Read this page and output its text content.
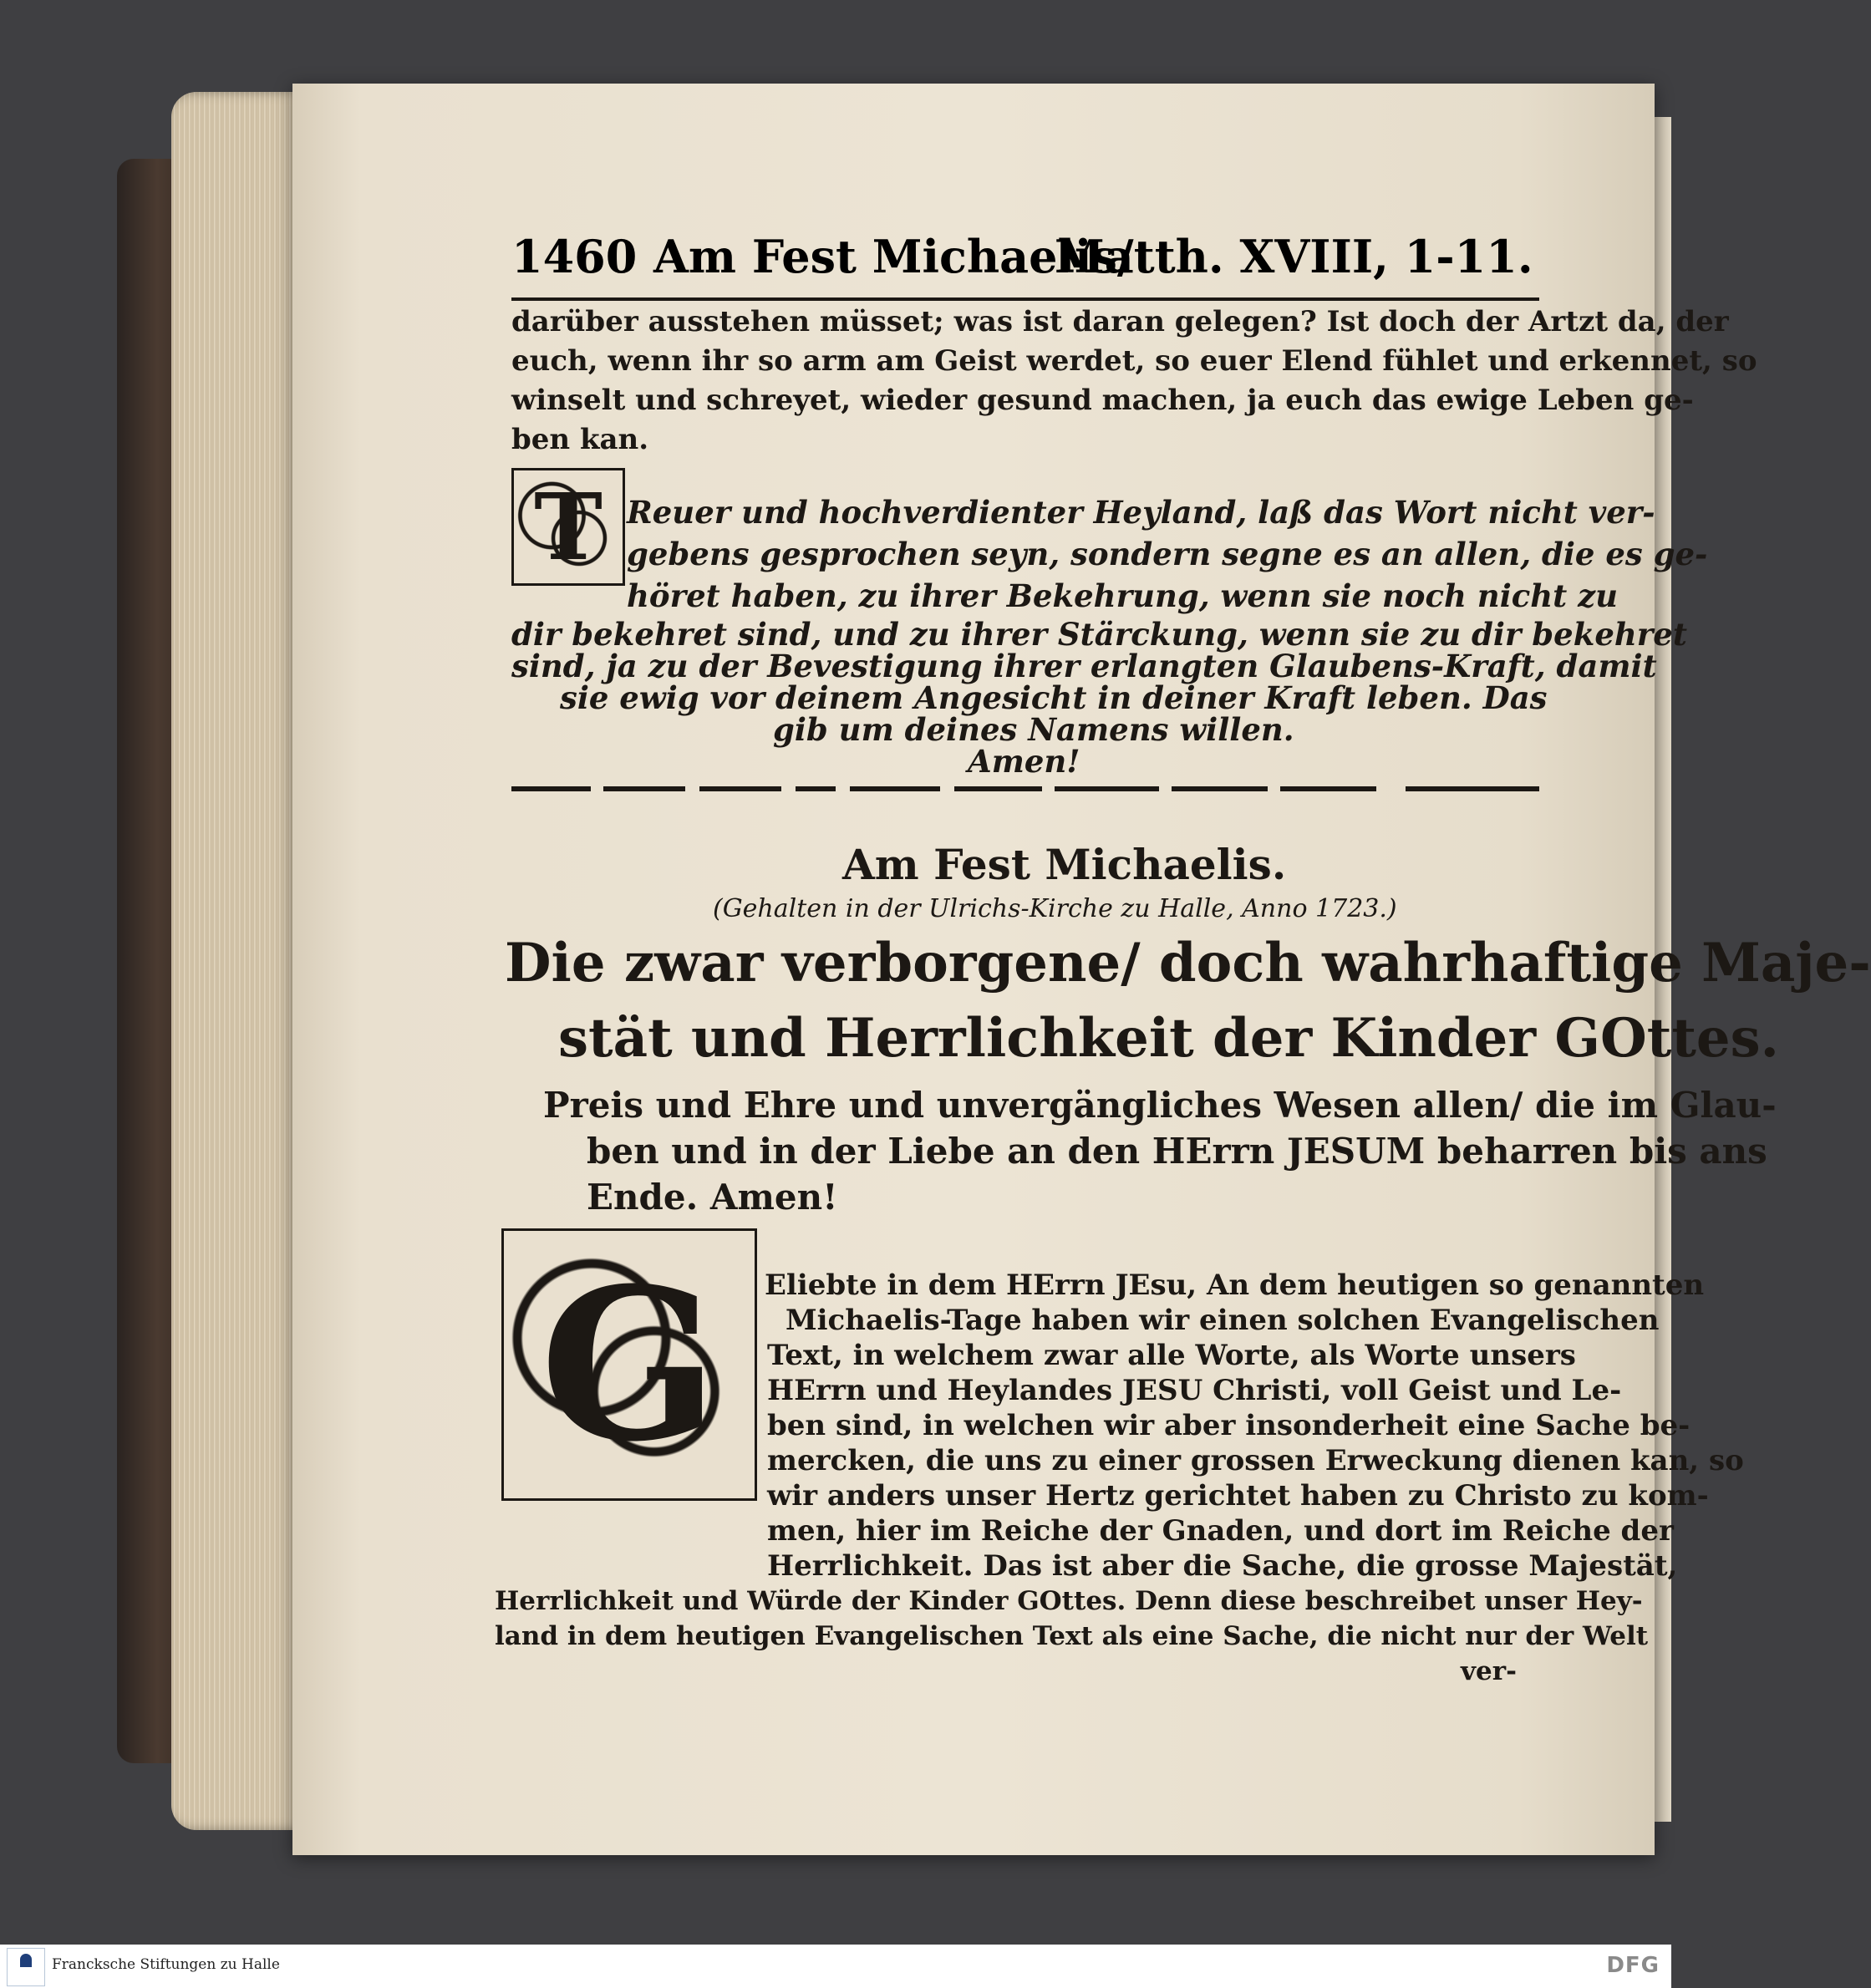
1460 Am Fest Michaelis/
Matth. XVIII, 1-11.
darüber ausstehen müsset; was ist daran gelegen? Ist doch der Artzt da, der
euch, wenn ihr so arm am Geist werdet, so euer Elend fühlet und erkennet, so
winselt und schreyet, wieder gesund machen, ja euch das ewige Leben ge-
ben kan.
T Reuer und hochverdienter Heyland, laß das Wort nicht ver-
gebens gesprochen seyn, sondern segne es an allen, die es ge-
höret haben, zu ihrer Bekehrung, wenn sie noch nicht zu
dir bekehret sind, und zu ihrer Stärckung, wenn sie zu dir bekehret
sind, ja zu der Bevestigung ihrer erlangten Glaubens-Kraft, damit
sie ewig vor deinem Angesicht in deiner Kraft leben. Das
gib um deines Namens willen.
Amen!
Am Fest Michaelis.
(Gehalten in der Ulrichs-Kirche zu Halle, Anno 1723.)
Die zwar verborgene/ doch wahrhaftige Maje-
stät und Herrlichkeit der Kinder GOttes.
Preis und Ehre und unvergängliches Wesen allen/ die im Glau-
ben und in der Liebe an den HErrn JESUM beharren bis ans
Ende. Amen!
G	Eliebte in dem HErrn JEsu, An dem heutigen so genannten
Michaelis-Tage haben wir einen solchen Evangelischen
Text, in welchem zwar alle Worte, als Worte unsers
HErrn und Heylandes JESU Christi, voll Geist und Le-
ben sind, in welchen wir aber insonderheit eine Sache be-
mercken, die uns zu einer grossen Erweckung dienen kan, so
wir anders unser Hertz gerichtet haben zu Christo zu kom-
men, hier im Reiche der Gnaden, und dort im Reiche der
Herrlichkeit. Das ist aber die Sache, die grosse Majestät,
Herrlichkeit und Würde der Kinder GOttes. Denn diese beschreibet unser Hey-
land in dem heutigen Evangelischen Text als eine Sache, die nicht nur der Welt
ver-
Francksche Stiftungen zu Halle	DFG
